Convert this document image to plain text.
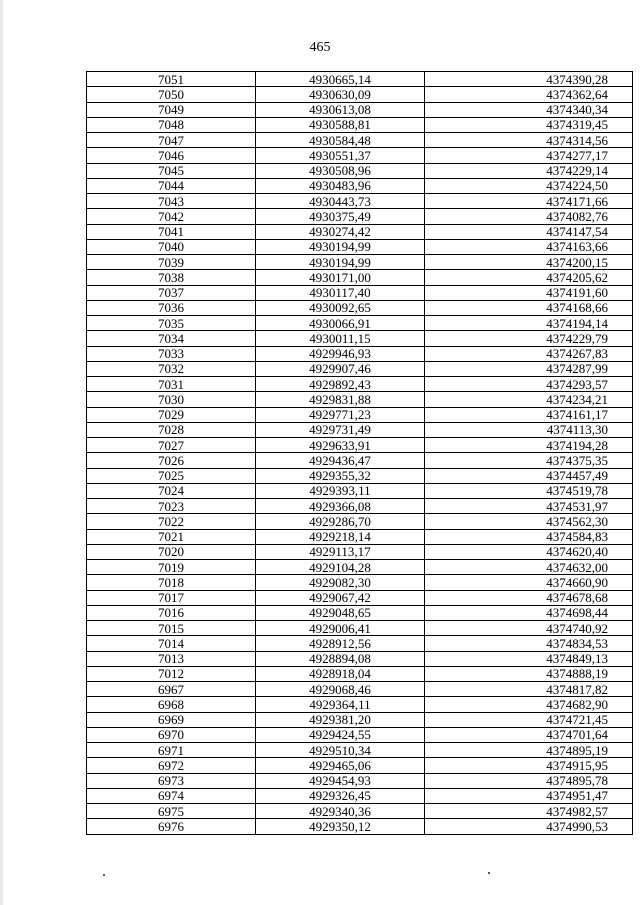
465
7051	4930665,14	4374390,28
7050	4930630,09	4374362,64
7049	4930613,08	4374340,34
7048	4930588,81	4374319,45
7047	4930584,48	4374314,56
7046	4930551,37	4374277,17
7045	4930508,96	4374229,14
7044	4930483,96	4374224,50
7043	4930443,73	4374171,66
7042	4930375,49	4374082,76
7041	4930274,42	4374147,54
7040	4930194,99	4374163,66
7039	4930194,99	4374200,15
7038	4930171,00	4374205,62
7037	4930117,40	4374191,60
7036	4930092,65	4374168,66
7035	4930066,91	4374194,14
7034	4930011,15	4374229,79
7033	4929946,93	4374267,83
7032	4929907,46	4374287,99
7031	4929892,43	4374293,57
7030	4929831,88	4374234,21
7029	4929771,23	4374161,17
7028	4929731,49	4374113,30
7027	4929633,91	4374194,28
7026	4929436,47	4374375,35
7025	4929355,32	4374457,49
7024	4929393,11	4374519,78
7023	4929366,08	4374531,97
7022	4929286,70	4374562,30
7021	4929218,14	4374584,83
7020	4929113,17	4374620,40
7019	4929104,28	4374632,00
7018	4929082,30	4374660,90
7017	4929067,42	4374678,68
7016	4929048,65	4374698,44
7015	4929006,41	4374740,92
7014	4928912,56	4374834,53
7013	4928894,08	4374849,13
7012	4928918,04	4374888,19
6967	4929068,46	4374817,82
6968	4929364,11	4374682,90
6969	4929381,20	4374721,45
6970	4929424,55	4374701,64
6971	4929510,34	4374895,19
6972	4929465,06	4374915,95
6973	4929454,93	4374895,78
6974	4929326,45	4374951,47
6975	4929340,36	4374982,57
6976	4929350,12	4374990,53
